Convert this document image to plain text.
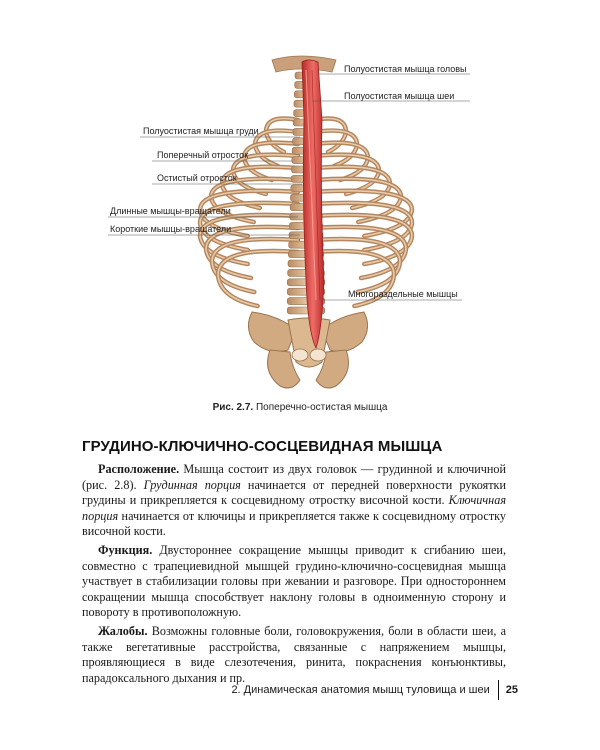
Полуостистая мышца головы
Полуостистая мышца шеи
Полуостистая мышца груди
Поперечный отросток
Остистый отросток
Длинные мышцы-вращатели
Короткие мышцы-вращатели
Многораздельные мышцы
Рис. 2.7. Поперечно-остистая мышца
ГРУДИНО-КЛЮЧИЧНО-СОСЦЕВИДНАЯ МЫШЦА

Расположение. Мышца состоит из двух головок — грудинной и ключичной (рис. 2.8). Грудинная порция начинается от передней поверхности рукоятки грудины и прикрепляется к сосцевидному отростку височной кости. Ключичная порция начинается от ключицы и прикрепляется также к сосцевидному отростку височной кости.

Функция. Двустороннее сокращение мышцы приводит к сгибанию шеи, совместно с трапециевидной мышцей грудино-ключично-сосцевидная мышца участвует в стабилизации головы при жевании и разговоре. При одностороннем сокращении мышца способствует наклону головы в одноименную сторону и повороту в противоположную.

Жалобы. Возможны головные боли, головокружения, боли в области шеи, а также вегетативные расстройства, связанные с напряжением мышцы, проявляющиеся в виде слезотечения, ринита, покраснения конъюнктивы, парадоксального дыхания и пр.

2. Динамическая анатомия мышц туловища и шеи 25
